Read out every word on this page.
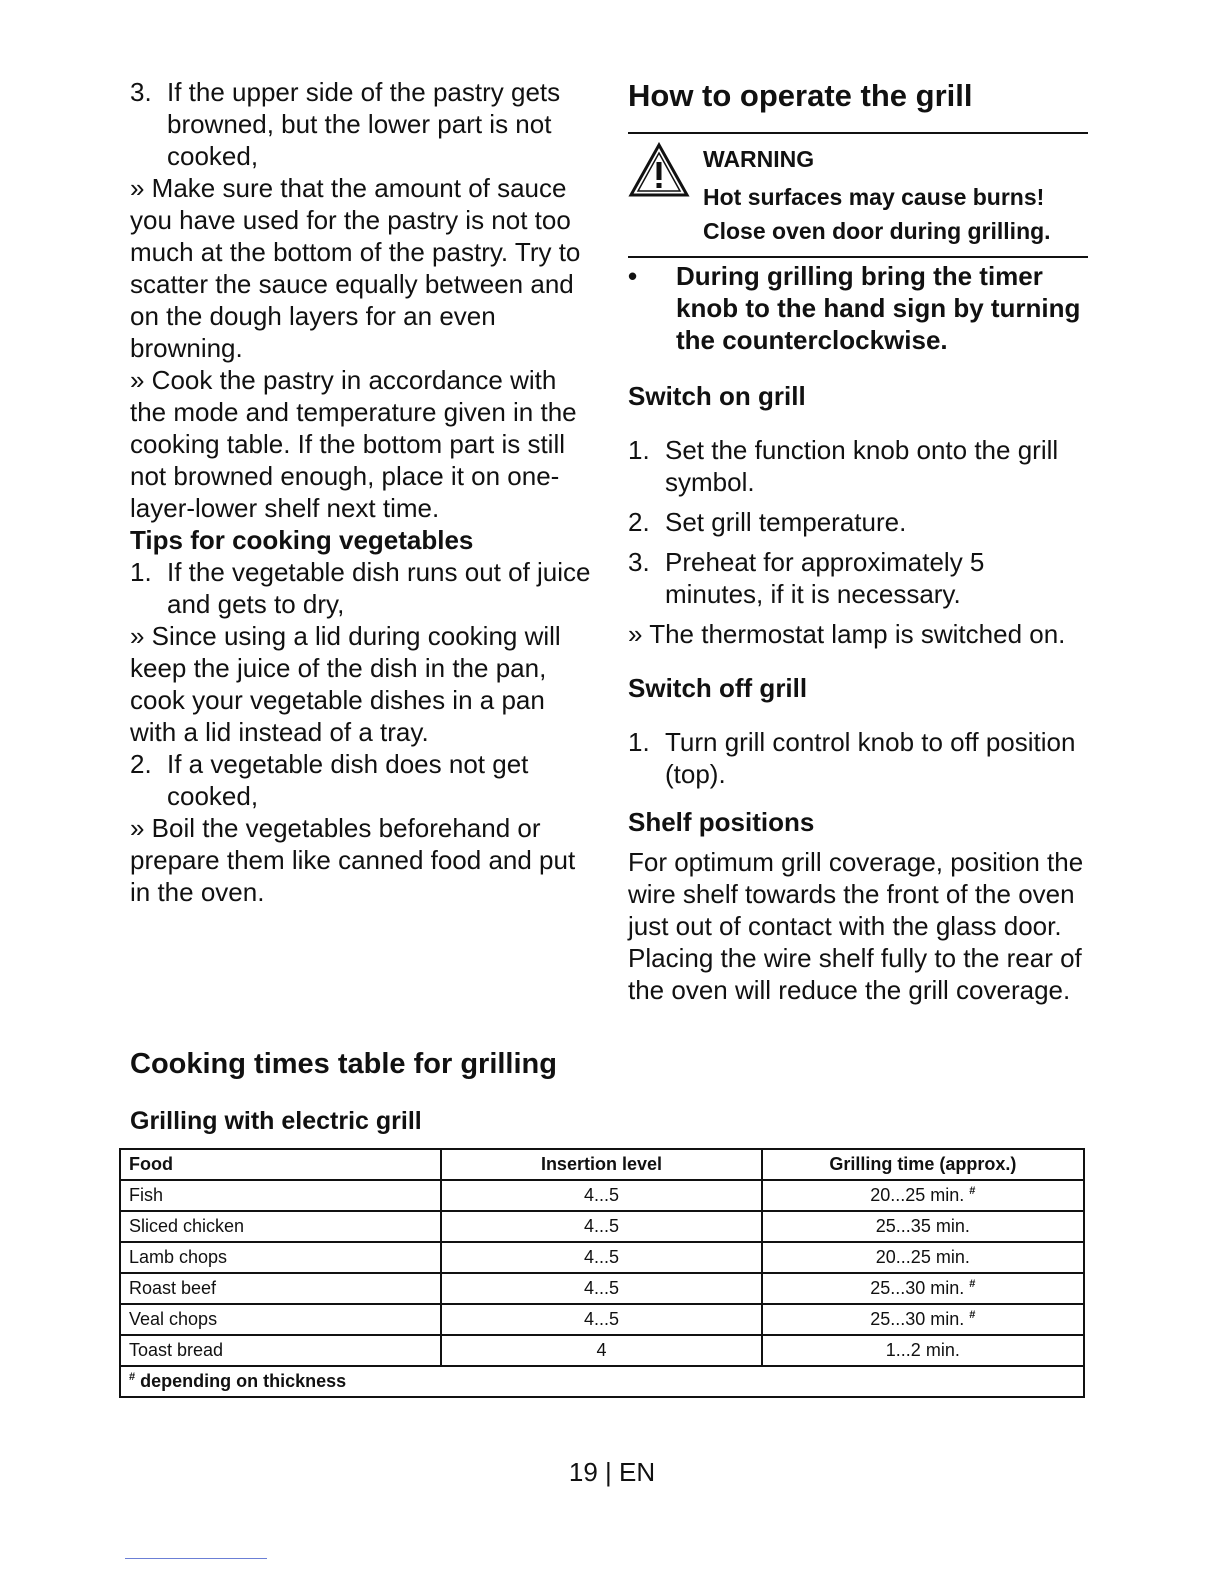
3. If the upper side of the pastry gets browned, but the lower part is not cooked,
» Make sure that the amount of sauce you have used for the pastry is not too much at the bottom of the pastry. Try to scatter the sauce equally between and on the dough layers for an even browning.
» Cook the pastry in accordance with the mode and temperature given in the cooking table. If the bottom part is still not browned enough, place it on one-layer-lower shelf next time.
Tips for cooking vegetables
1. If the vegetable dish runs out of juice and gets to dry,
» Since using a lid during cooking will keep the juice of the dish in the pan, cook your vegetable dishes in a pan with a lid instead of a tray.
2. If a vegetable dish does not get cooked,
» Boil the vegetables beforehand or prepare them like canned food and put in the oven.
How to operate the grill
WARNING
Hot surfaces may cause burns!
Close oven door during grilling.
• During grilling bring the timer knob to the hand sign by turning the counterclockwise.
Switch on grill
1. Set the function knob onto the grill symbol.
2. Set grill temperature.
3. Preheat for approximately 5 minutes, if it is necessary.
» The thermostat lamp is switched on.
Switch off grill
1. Turn grill control knob to off position (top).
Shelf positions
For optimum grill coverage, position the wire shelf towards the front of the oven just out of contact with the glass door. Placing the wire shelf fully to the rear of the oven will reduce the grill coverage.
Cooking times table for grilling
Grilling with electric grill
Food	Insertion level	Grilling time (approx.)
Fish	4...5	20...25 min. #
Sliced chicken	4...5	25...35 min.
Lamb chops	4...5	20...25 min.
Roast beef	4...5	25...30 min. #
Veal chops	4...5	25...30 min. #
Toast bread	4	1...2 min.
# depending on thickness		
19 | EN
